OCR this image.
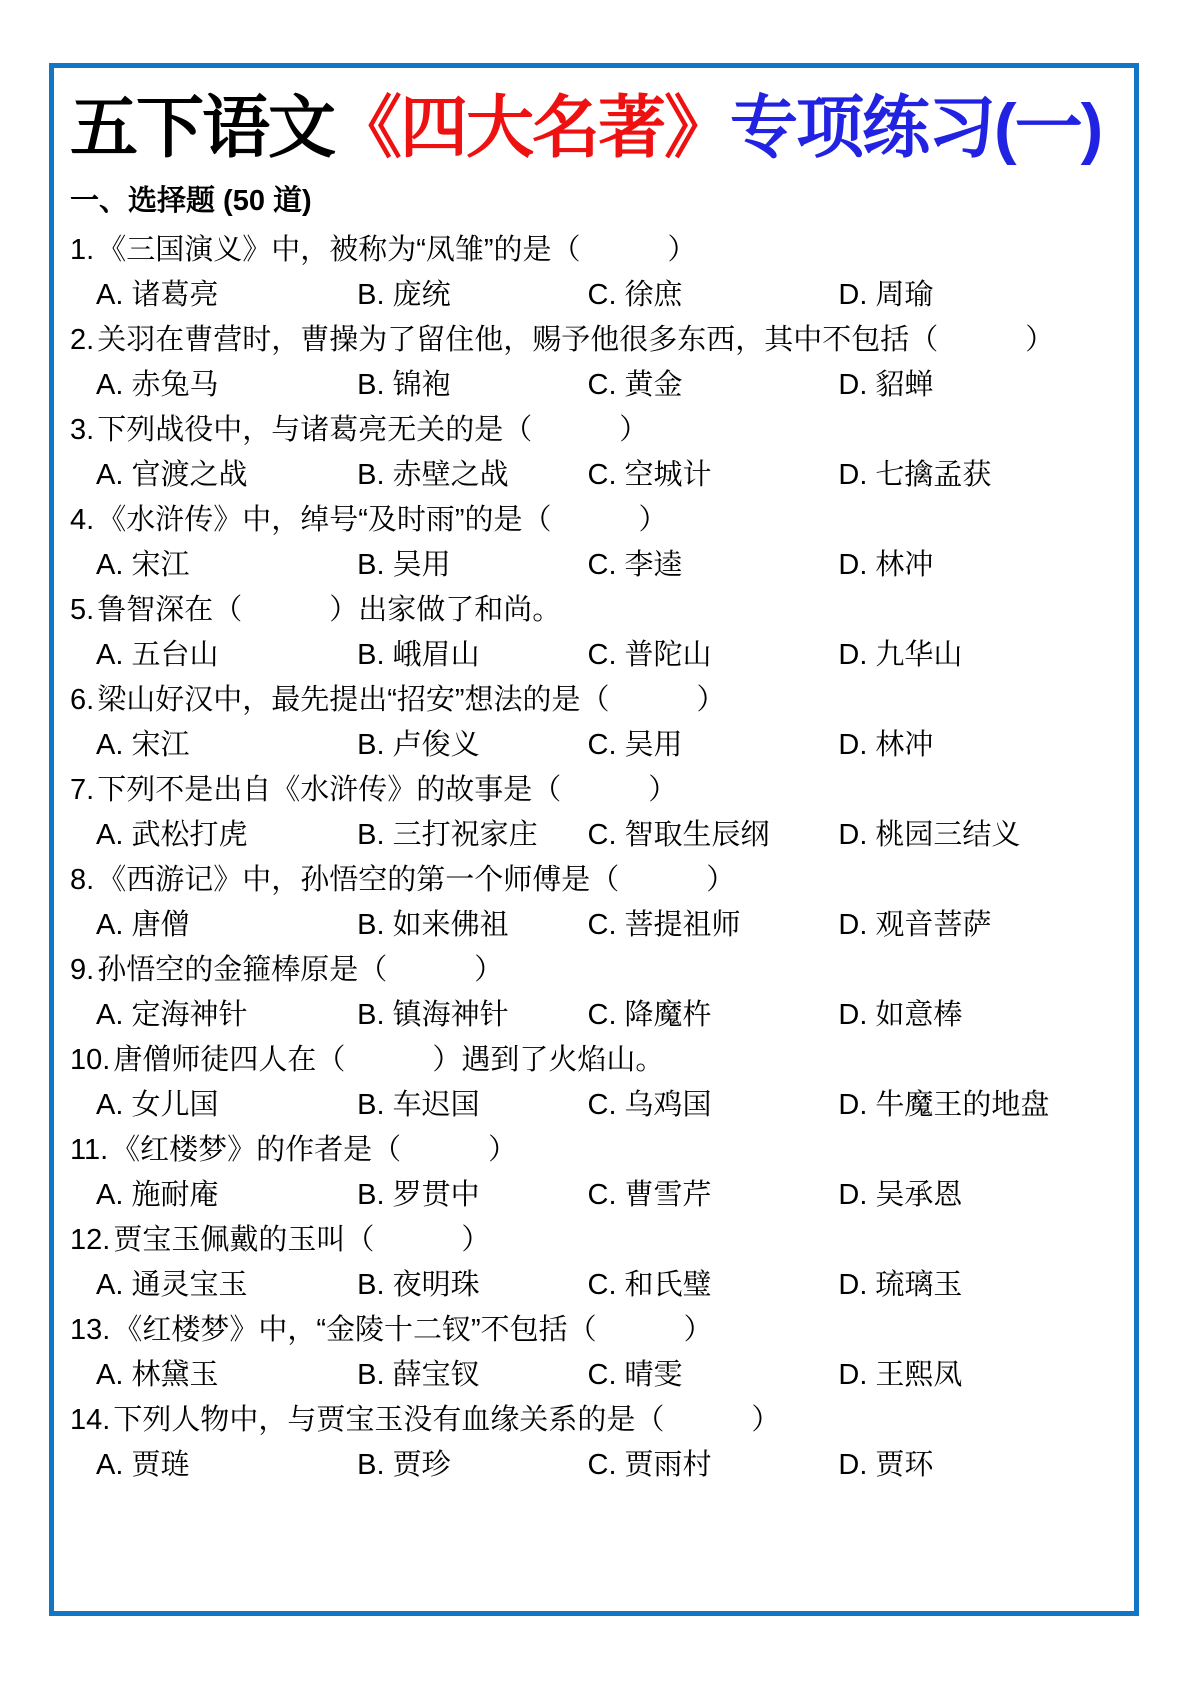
五下语文《四大名著》专项练习(一)
一、选择题 (50 道)
1. 《三国演义》中，被称为“凤雏”的是（　　　）
A. 诸葛亮	B. 庞统	C. 徐庶	D. 周瑜
2. 关羽在曹营时，曹操为了留住他，赐予他很多东西，其中不包括（　　　）
A. 赤兔马	B. 锦袍	C. 黄金	D. 貂蝉
3. 下列战役中，与诸葛亮无关的是（　　　）
A. 官渡之战	B. 赤壁之战	C. 空城计	D. 七擒孟获
4. 《水浒传》中，绰号“及时雨”的是（　　　）
A. 宋江	B. 吴用	C. 李逵	D. 林冲
5. 鲁智深在（　　　）出家做了和尚。
A. 五台山	B. 峨眉山	C. 普陀山	D. 九华山
6. 梁山好汉中，最先提出“招安”想法的是（　　　）
A. 宋江	B. 卢俊义	C. 吴用	D. 林冲
7. 下列不是出自《水浒传》的故事是（　　　）
A. 武松打虎	B. 三打祝家庄	C. 智取生辰纲	D. 桃园三结义
8. 《西游记》中，孙悟空的第一个师傅是（　　　）
A. 唐僧	B. 如来佛祖	C. 菩提祖师	D. 观音菩萨
9. 孙悟空的金箍棒原是（　　　）
A. 定海神针	B. 镇海神针	C. 降魔杵	D. 如意棒
10. 唐僧师徒四人在（　　　）遇到了火焰山。
A. 女儿国	B. 车迟国	C. 乌鸡国	D. 牛魔王的地盘
11. 《红楼梦》的作者是（　　　）
A. 施耐庵	B. 罗贯中	C. 曹雪芹	D. 吴承恩
12. 贾宝玉佩戴的玉叫（　　　）
A. 通灵宝玉	B. 夜明珠	C. 和氏璧	D. 琉璃玉
13. 《红楼梦》中，“金陵十二钗”不包括（　　　）
A. 林黛玉	B. 薛宝钗	C. 晴雯	D. 王熙凤
14. 下列人物中，与贾宝玉没有血缘关系的是（　　　）
A. 贾琏	B. 贾珍	C. 贾雨村	D. 贾环
